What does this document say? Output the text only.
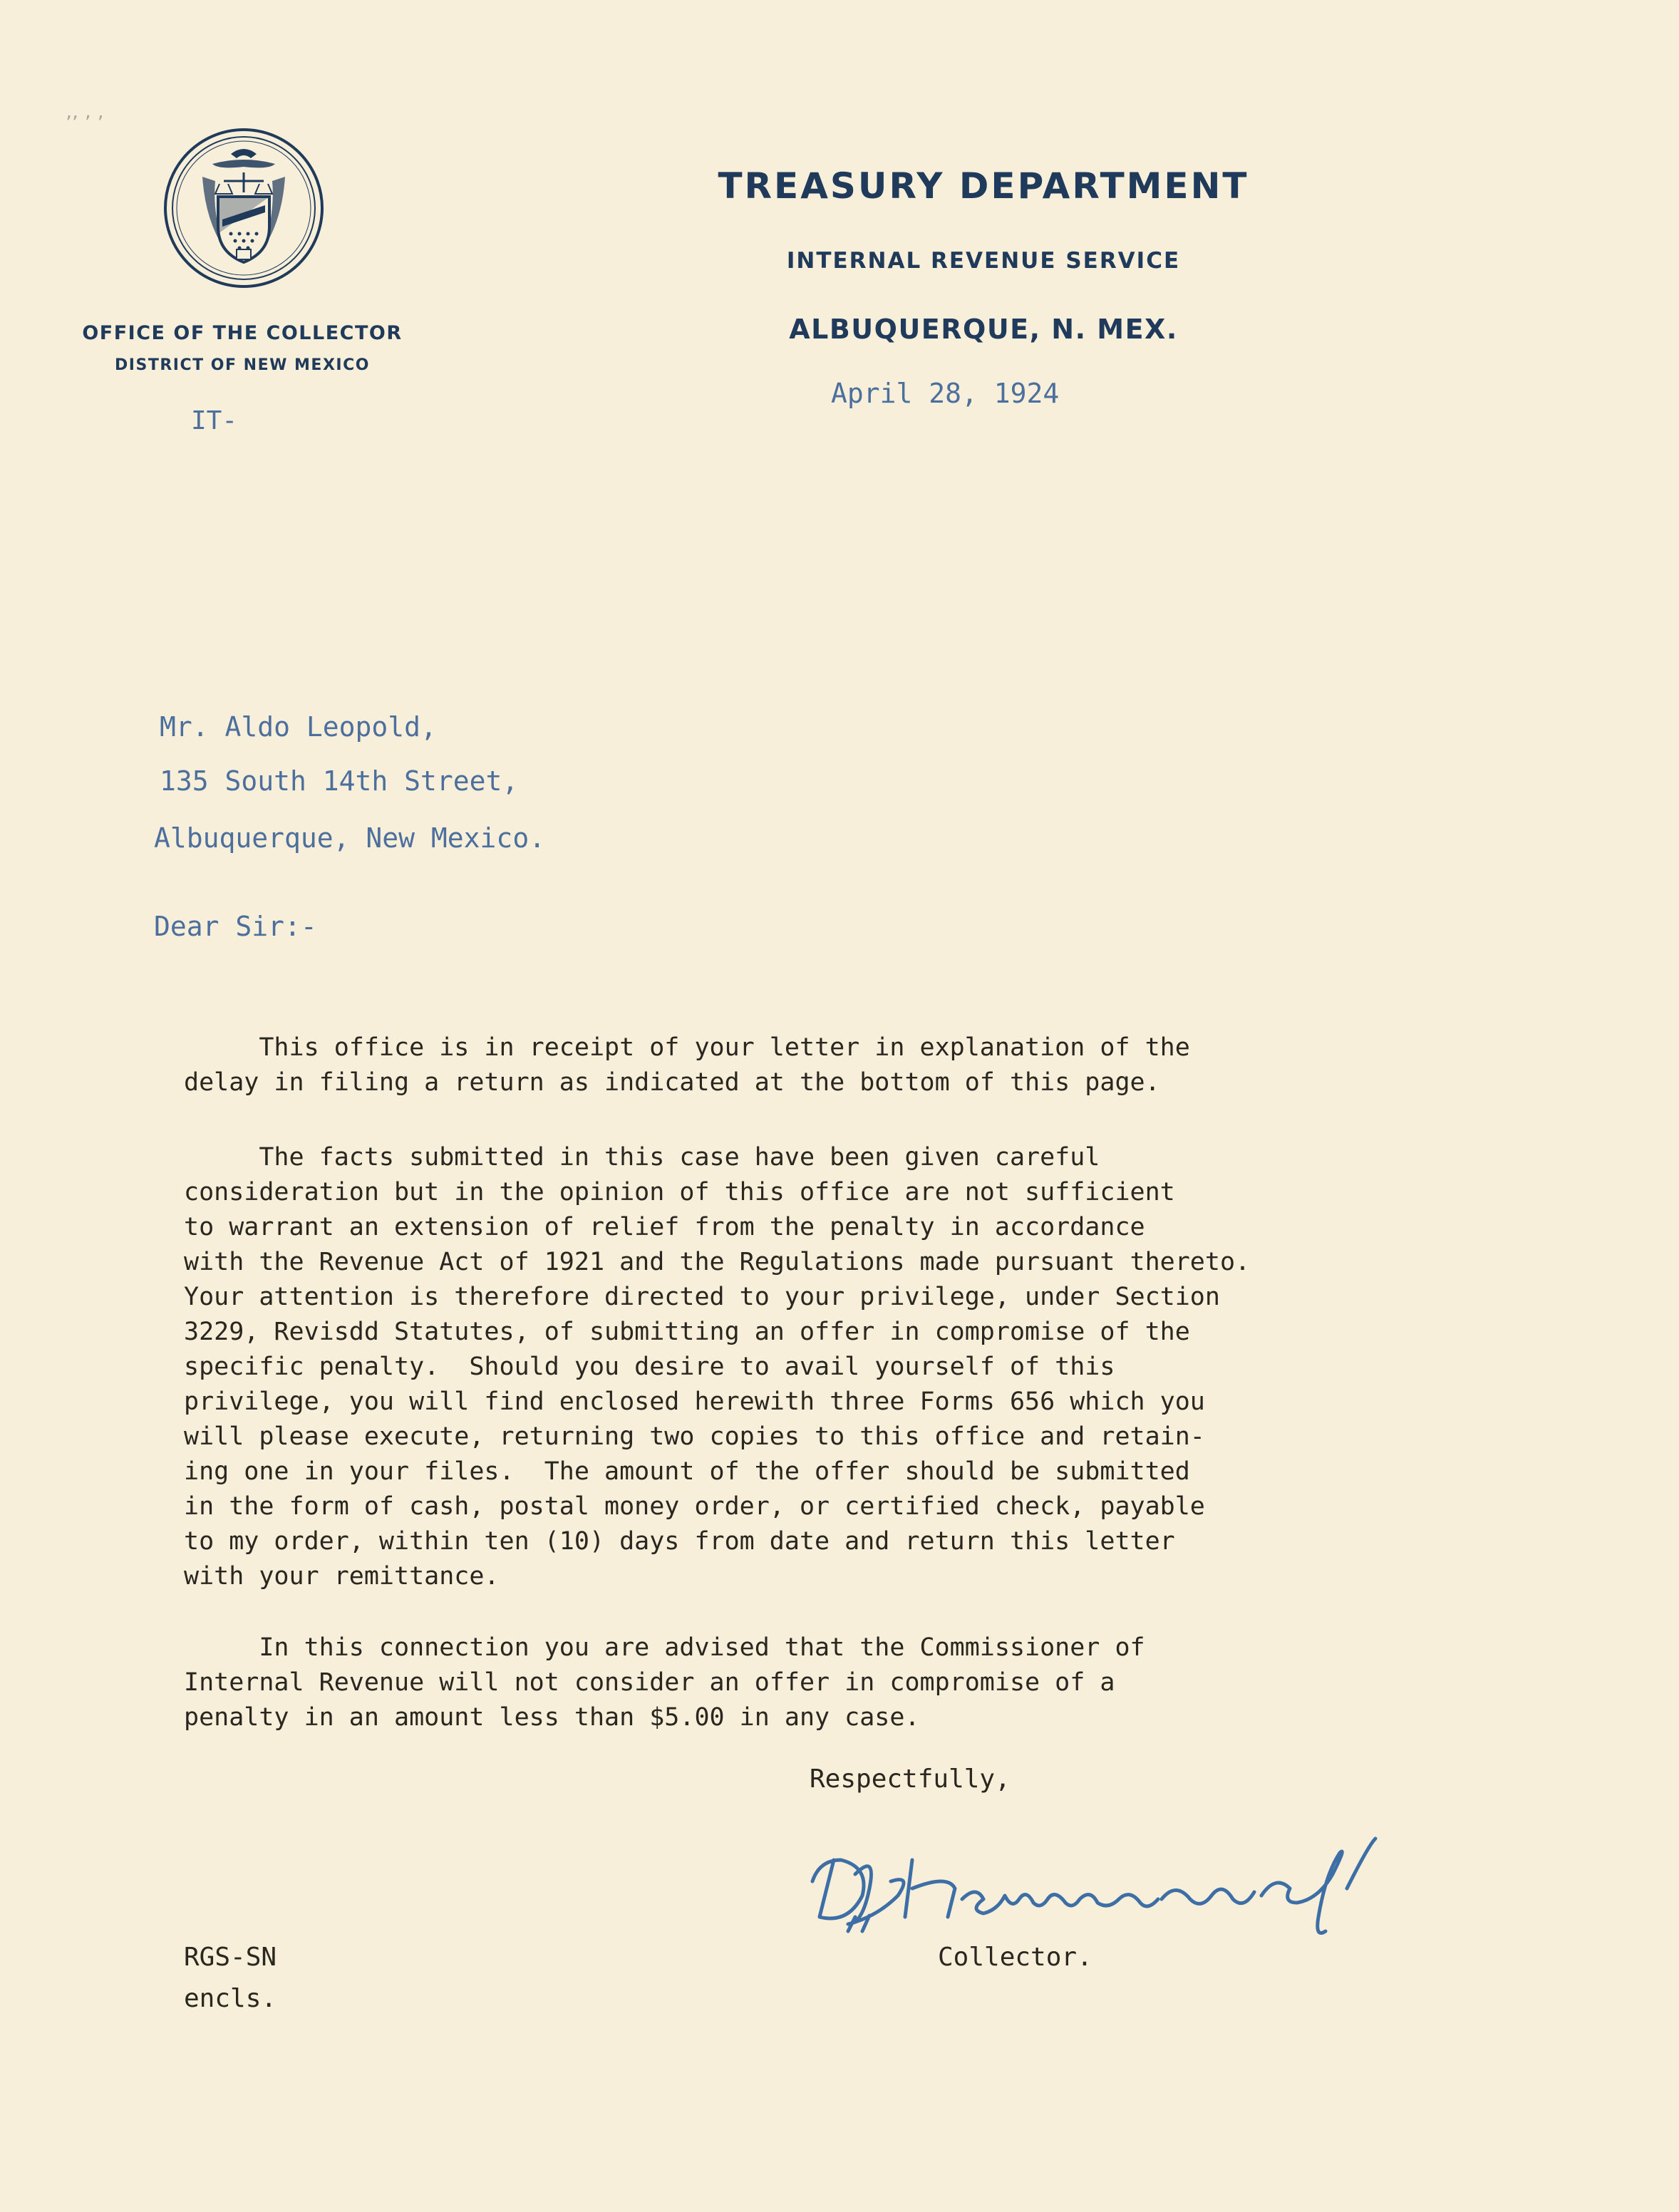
’’ ʼ ’
OFFICE OF THE COLLECTOR
DISTRICT OF NEW MEXICO
TREASURY DEPARTMENT
INTERNAL REVENUE SERVICE
ALBUQUERQUE, N. MEX.
April 28, 1924
IT-
Mr. Aldo Leopold,
135 South 14th Street,
Albuquerque, New Mexico.
Dear Sir:-
This office is in receipt of your letter in explanation of the
delay in filing a return as indicated at the bottom of this page.
The facts submitted in this case have been given careful
consideration but in the opinion of this office are not sufficient
to warrant an extension of relief from the penalty in accordance
with the Revenue Act of 1921 and the Regulations made pursuant thereto.
Your attention is therefore directed to your privilege, under Section
3229, Revisdd Statutes, of submitting an offer in compromise of the
specific penalty.  Should you desire to avail yourself of this
privilege, you will find enclosed herewith three Forms 656 which you
will please execute, returning two copies to this office and retain-
ing one in your files.  The amount of the offer should be submitted
in the form of cash, postal money order, or certified check, payable
to my order, within ten (10) days from date and return this letter
with your remittance.
In this connection you are advised that the Commissioner of
Internal Revenue will not consider an offer in compromise of a
penalty in an amount less than $5.00 in any case.
Respectfully,
Collector.
RGS-SN
encls.
